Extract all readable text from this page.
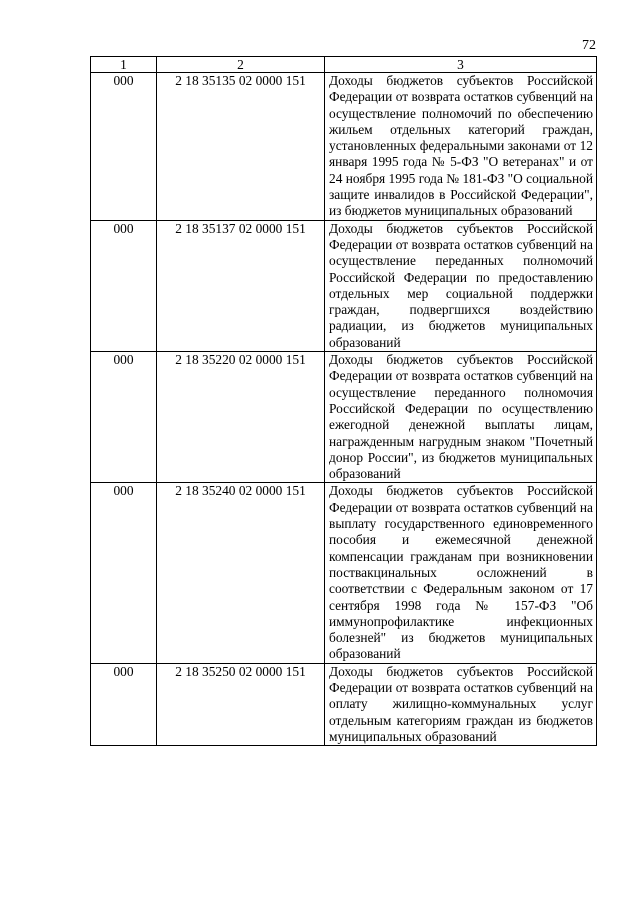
72
1	2	3
000	2 18 35135 02 0000 151	Доходы бюджетов субъектов Российской Федерации от возврата остатков субвенций на осуществление полномочий по обеспечению жильем отдельных категорий граждан, установленных федеральными законами от 12 января 1995 года № 5-ФЗ "О ветеранах" и от 24 ноября 1995 года № 181-ФЗ "О социальной защите инвалидов в Российской Федерации", из бюджетов муниципальных образований
000	2 18 35137 02 0000 151	Доходы бюджетов субъектов Российской Федерации от возврата остатков субвенций на осуществление переданных полномочий Российской Федерации по предоставлению отдельных мер социальной поддержки граждан, подвергшихся воздействию радиации, из бюджетов муниципальных образований
000	2 18 35220 02 0000 151	Доходы бюджетов субъектов Российской Федерации от возврата остатков субвенций на осуществление переданного полномочия Российской Федерации по осуществлению ежегодной денежной выплаты лицам, награжденным нагрудным знаком "Почетный донор России", из бюджетов муниципальных образований
000	2 18 35240 02 0000 151	Доходы бюджетов субъектов Российской Федерации от возврата остатков субвенций на выплату государственного единовременного пособия и ежемесячной денежной компенсации гражданам при возникновении поствакцинальных осложнений в соответствии с Федеральным законом от 17 сентября 1998 года № 157-ФЗ "Об иммунопрофилактике инфекционных болезней" из бюджетов муниципальных образований
000	2 18 35250 02 0000 151	Доходы бюджетов субъектов Российской Федерации от возврата остатков субвенций на оплату жилищно-коммунальных услуг отдельным категориям граждан из бюджетов муниципальных образований
